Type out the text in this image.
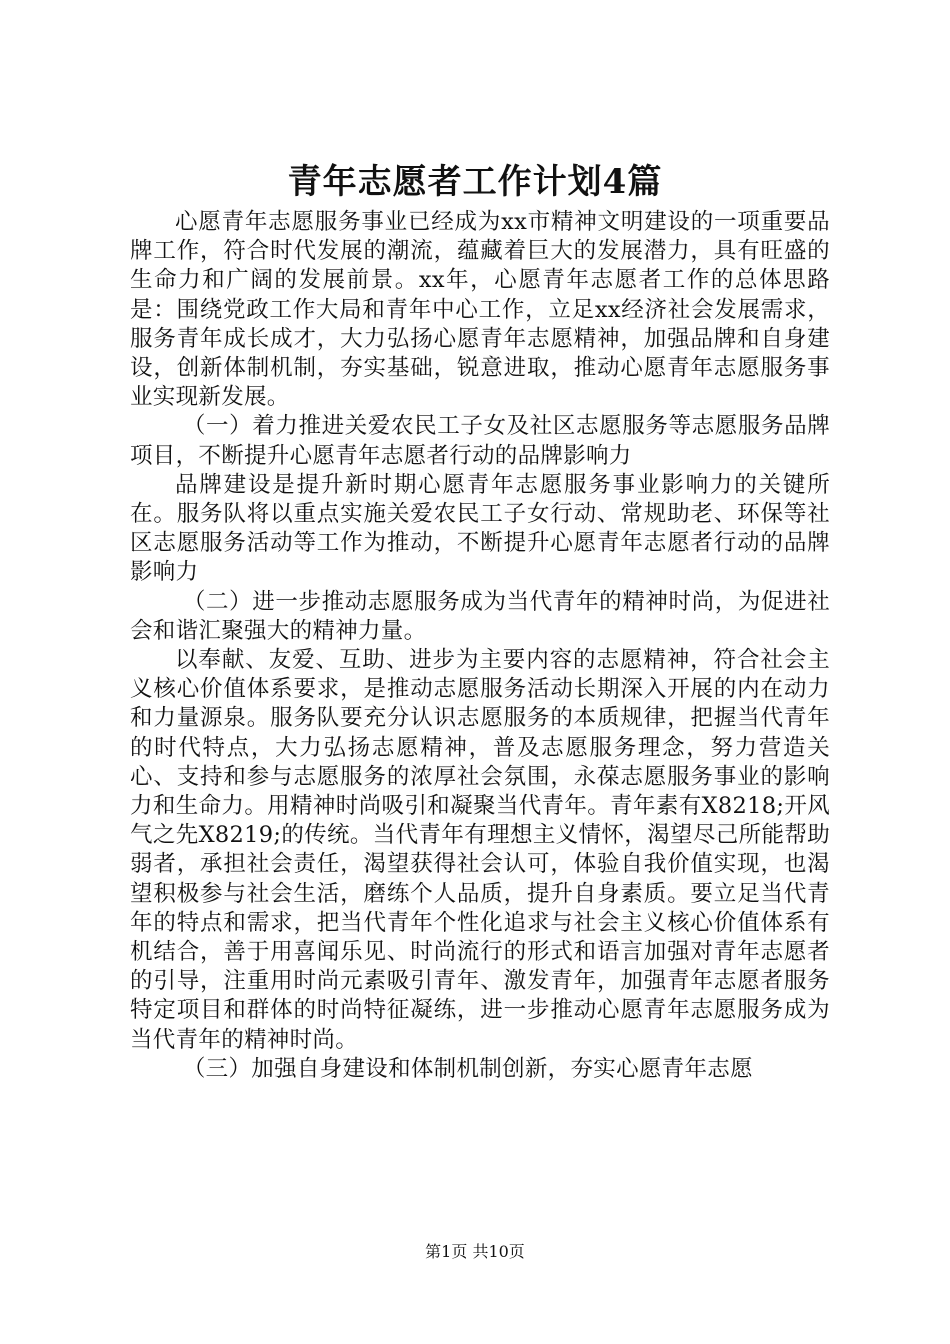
青年志愿者工作计划4篇

心愿青年志愿服务事业已经成为xx市精神文明建设的一项重要品牌工作，符合时代发展的潮流，蕴藏着巨大的发展潜力，具有旺盛的生命力和广阔的发展前景。xx年，心愿青年志愿者工作的总体思路是：围绕党政工作大局和青年中心工作，立足xx经济社会发展需求，服务青年成长成才，大力弘扬心愿青年志愿精神，加强品牌和自身建设，创新体制机制，夯实基础，锐意进取，推动心愿青年志愿服务事业实现新发展。

（一）着力推进关爱农民工子女及社区志愿服务等志愿服务品牌项目，不断提升心愿青年志愿者行动的品牌影响力

品牌建设是提升新时期心愿青年志愿服务事业影响力的关键所在。服务队将以重点实施关爱农民工子女行动、常规助老、环保等社区志愿服务活动等工作为推动，不断提升心愿青年志愿者行动的品牌影响力

（二）进一步推动志愿服务成为当代青年的精神时尚，为促进社会和谐汇聚强大的精神力量。

以奉献、友爱、互助、进步为主要内容的志愿精神，符合社会主义核心价值体系要求，是推动志愿服务活动长期深入开展的内在动力和力量源泉。服务队要充分认识志愿服务的本质规律，把握当代青年的时代特点，大力弘扬志愿精神，普及志愿服务理念，努力营造关心、支持和参与志愿服务的浓厚社会氛围，永葆志愿服务事业的影响力和生命力。用精神时尚吸引和凝聚当代青年。青年素有X8218;开风气之先X8219;的传统。当代青年有理想主义情怀，渴望尽己所能帮助弱者，承担社会责任，渴望获得社会认可，体验自我价值实现，也渴望积极参与社会生活，磨练个人品质，提升自身素质。要立足当代青年的特点和需求，把当代青年个性化追求与社会主义核心价值体系有机结合，善于用喜闻乐见、时尚流行的形式和语言加强对青年志愿者的引导，注重用时尚元素吸引青年、激发青年，加强青年志愿者服务特定项目和群体的时尚特征凝练，进一步推动心愿青年志愿服务成为当代青年的精神时尚。

（三）加强自身建设和体制机制创新，夯实心愿青年志愿

第1页 共10页
